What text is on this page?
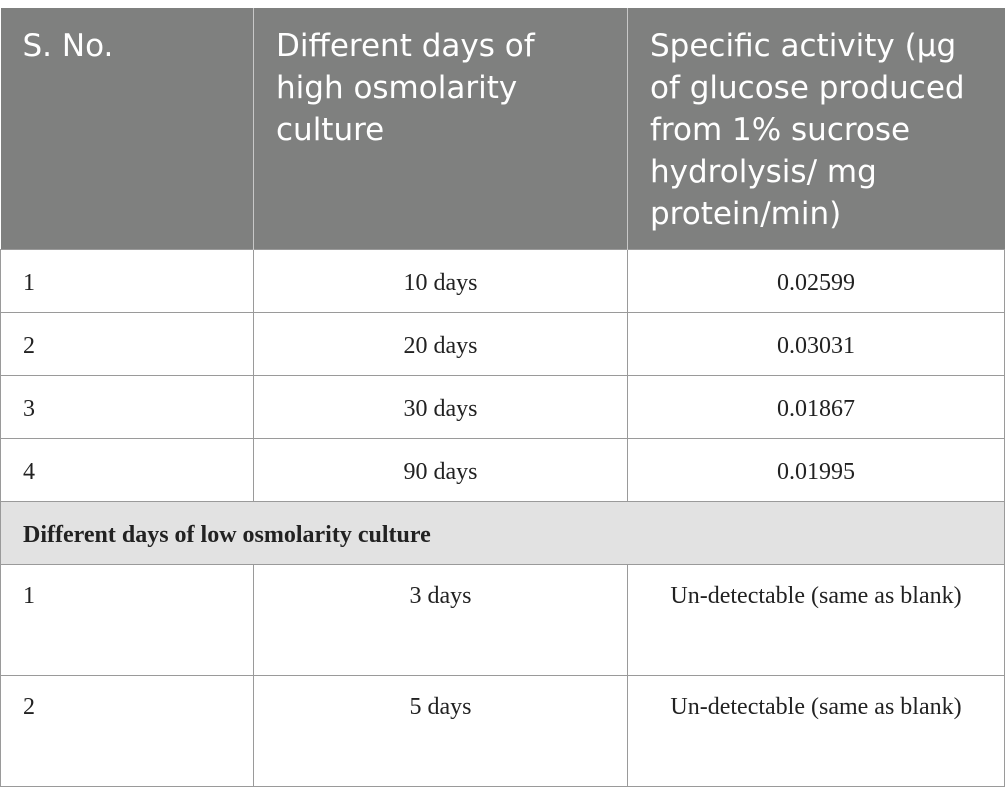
S. No.	Different days of high osmolarity culture	Specific activity (µg of glucose produced from 1% sucrose hydrolysis/ mg protein/min)
1	10 days	0.02599
2	20 days	0.03031
3	30 days	0.01867
4	90 days	0.01995
Different days of low osmolarity culture		
1	3 days	Un-detectable (same as blank)
2	5 days	Un-detectable (same as blank)
